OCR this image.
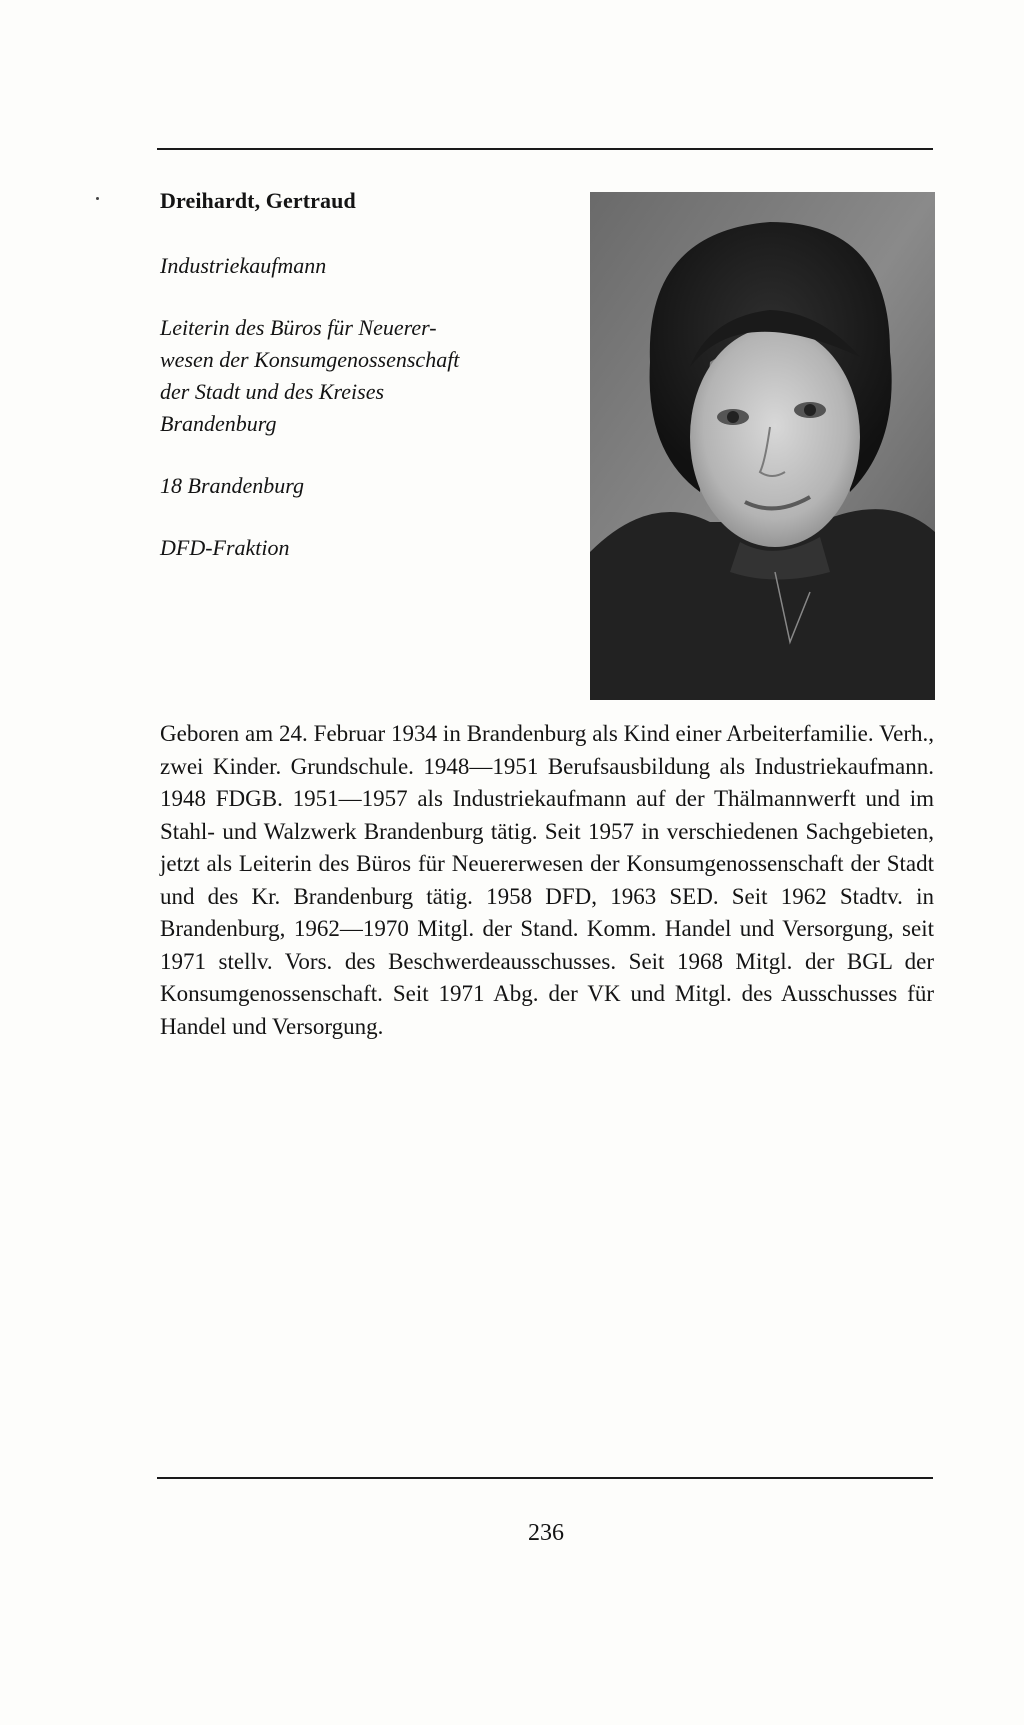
Dreihardt, Gertraud

Industriekaufmann

Leiterin des Büros für Neuerer-
wesen der Konsumgenossenschaft
der Stadt und des Kreises
Brandenburg

18 Brandenburg

DFD-Fraktion

Geboren am 24. Februar 1934 in Brandenburg als Kind einer Arbeiterfamilie. Verh., zwei Kinder. Grundschule. 1948—1951 Berufsausbildung als Industriekaufmann. 1948 FDGB. 1951—1957 als Industriekaufmann auf der Thälmannwerft und im Stahl- und Walzwerk Brandenburg tätig. Seit 1957 in verschiedenen Sachgebieten, jetzt als Leiterin des Büros für Neuererwesen der Konsumgenossenschaft der Stadt und des Kr. Brandenburg tätig. 1958 DFD, 1963 SED. Seit 1962 Stadtv. in Brandenburg, 1962—1970 Mitgl. der Stand. Komm. Handel und Versorgung, seit 1971 stellv. Vors. des Beschwerdeausschusses. Seit 1968 Mitgl. der BGL der Konsumgenossenschaft. Seit 1971 Abg. der VK und Mitgl. des Ausschusses für Handel und Versorgung.

236
